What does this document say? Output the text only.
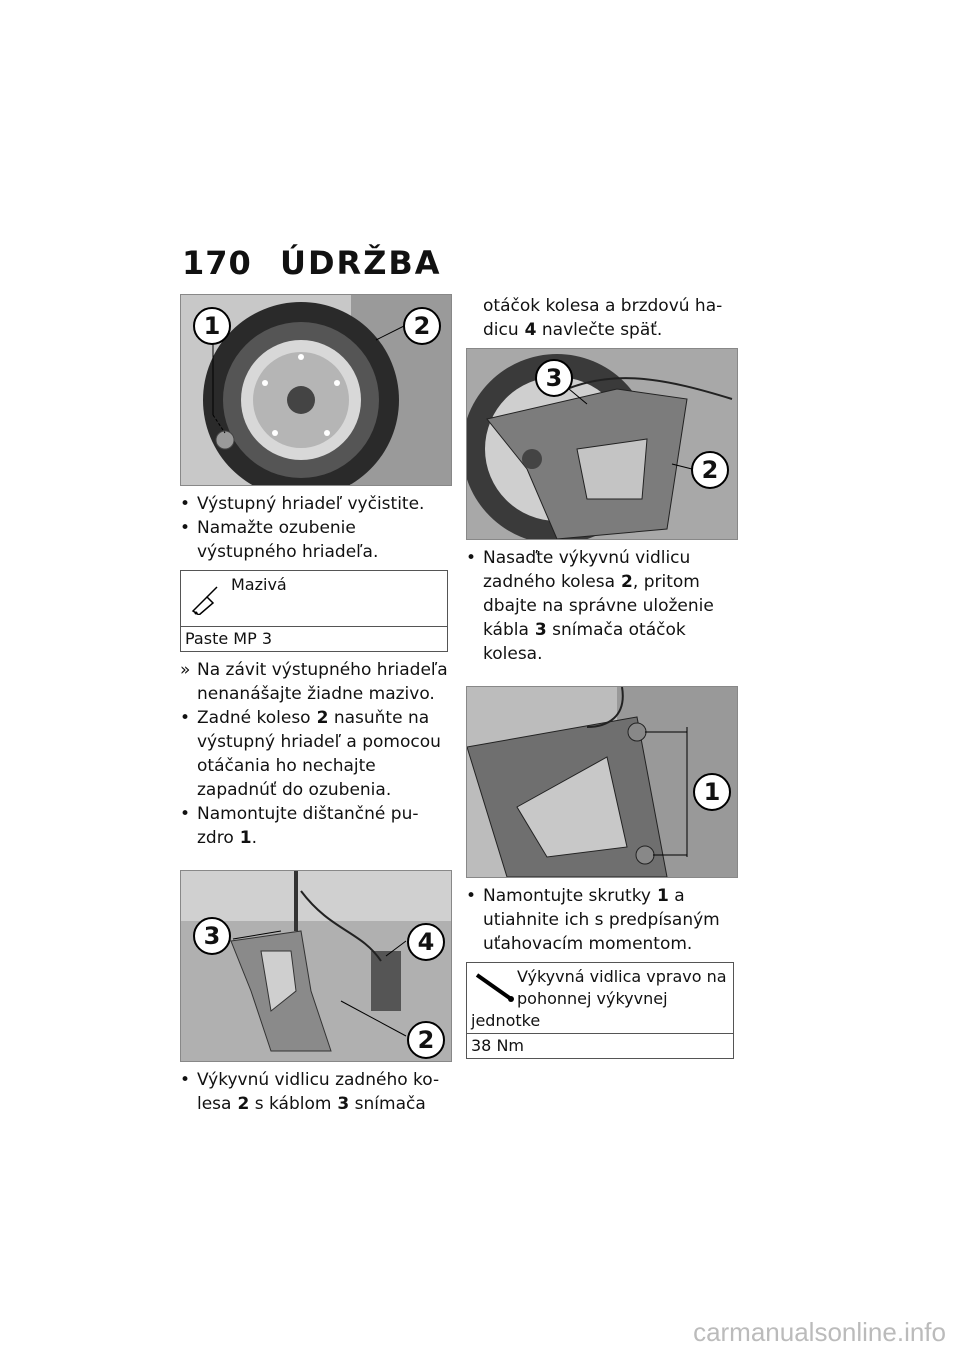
170 ÚDRŽBA
1	2
• Výstupný hriadeľ vyčistite.
• Namažte ozubenie výstupného hriadeľa.
Mazivá
Paste MP 3
» Na závit výstupného hriadeľa nenanášajte žiadne mazivo.
• Zadné koleso 2 nasuňte na výstupný hriadeľ a pomocou otáčania ho nechajte zapadnúť do ozubenia.
• Namontujte dištančné pu-zdro 1.
3	4
2
• Výkyvnú vidlicu zadného ko-lesa 2 s káblom 3 snímača
otáčok kolesa a brzdovú ha-dicu 4 navlečte späť.
3
2
• Nasaďte výkyvnú vidlicu zadného kolesa 2, pritom dbajte na správne uloženie kábla 3 snímača otáčok kolesa.
1
• Namontujte skrutky 1 a utiahnite ich s predpísaným uťahovacím momentom.
Výkyvná vidlica vpravo na pohonnej výkyvnej
jednotke
38 Nm
carmanualsonline.info
